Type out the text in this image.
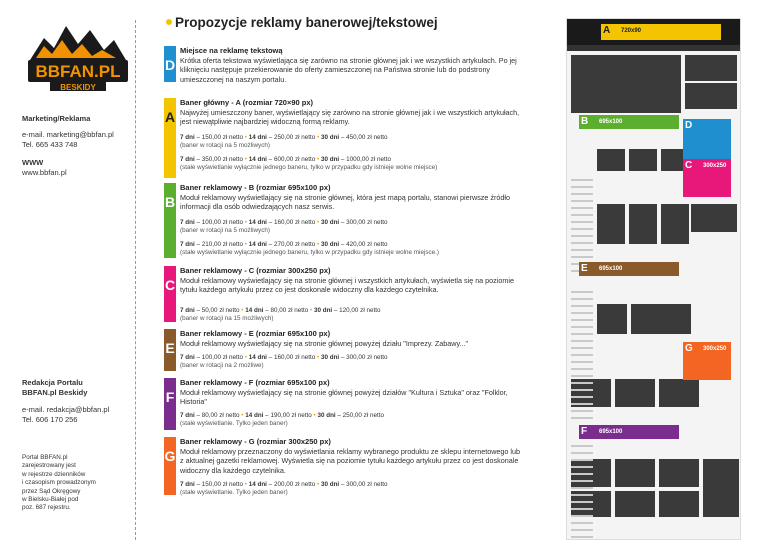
BBFAN.PL
BESKIDY
Marketing/Reklama
e-mail. marketing@bbfan.pl
Tel. 665 433 748
WWW
www.bbfan.pl
Redakcja Portalu
BBFAN.pl Beskidy
e-mail. redakcja@bbfan.pl
Tel. 606 170 256
Portal BBFAN.pl
zarejestrowany jest
w rejestrze dzienników
i czasopism prowadzonym
przez Sąd Okręgowy
w Bielsku-Białej pod
poz. 687 rejestru.
Propozycje reklamy banerowej/tekstowej
D
Miejsce na reklamę tekstową
Krótka oferta tekstowa wyświetlająca się zarówno na stronie głównej jak i we wszystkich artykułach. Po jej kliknięciu następuje przekierowanie do oferty zamieszczonej na Państwa stronie lub do podstrony umieszczonej na naszym portalu.
A
Baner główny - A (rozmiar 720×90 px)
Najwyżej umieszczony baner, wyświetlający się zarówno na stronie głównej jak i we wszystkich artykułach, jest niewątpliwie najbardziej widoczną formą reklamy.
7 dni – 150,00 zł netto • 14 dni – 250,00 zł netto • 30 dni – 450,00 zł netto
(baner w rotacji na 5 możliwych)
7 dni – 350,00 zł netto • 14 dni – 600,00 zł netto • 30 dni – 1000,00 zł netto
(stałe wyświetlanie wyłącznie jednego baneru, tylko w przypadku gdy istnieje wolne miejsce)
B
Baner reklamowy - B (rozmiar 695x100 px)
Moduł reklamowy wyświetlający się na stronie głównej, która jest mapą portalu, stanowi pierwsze źródło informacji dla osób odwiedzających nasz serwis.
7 dni – 100,00 zł netto • 14 dni – 160,00 zł netto • 30 dni – 300,00 zł netto
(baner w rotacji na 5 możliwych)
7 dni – 210,00 zł netto • 14 dni – 270,00 zł netto • 30 dni – 420,00 zł netto
(stałe wyświetlanie wyłącznie jednego baneru, tylko w przypadku gdy istnieje wolne miejsce.)
C
Baner reklamowy - C (rozmiar 300x250 px)
Moduł reklamowy wyświetlający się na stronie głównej i wszystkich artykułach, wyświetla się na poziomie tytułu każdego artykułu przez co jest doskonale widoczny dla każdego czytelnika.
7 dni – 50,00 zł netto • 14 dni – 80,00 zł netto • 30 dni – 120,00 zł netto
(baner w rotacji na 15 możliwych)
E
Baner reklamowy - E (rozmiar 695x100 px)
Moduł reklamowy wyświetlający się na stronie głównej powyżej działu "Imprezy. Zabawy..."
7 dni – 100,00 zł netto • 14 dni – 160,00 zł netto • 30 dni – 300,00 zł netto
(baner w rotacji na 2 możliwe)
F
Baner reklamowy - F (rozmiar 695x100 px)
Moduł reklamowy wyświetlający się na stronie głównej powyżej działów "Kultura i Sztuka" oraz "Folklor, Historia"
7 dni – 80,00 zł netto • 14 dni – 190,00 zł netto • 30 dni – 250,00 zł netto
(stałe wyświetlanie. Tylko jeden baner)
G
Baner reklamowy - G (rozmiar 300x250 px)
Moduł reklamowy przeznaczony do wyświetlania reklamy wybranego produktu ze sklepu internetowego lub z aktualnej gazetki reklamowej. Wyświetla się na poziomie tytułu każdego artykułu przez co jest doskonale widoczny dla każdego czytelnika.
7 dni – 150,00 zł netto • 14 dni – 200,00 zł netto • 30 dni – 300,00 zł netto
(stałe wyświetlanie. Tylko jeden baner)
A 720x90
B 695x100	D
C 300x250
E 695x100
G 300x250
F 695x100
